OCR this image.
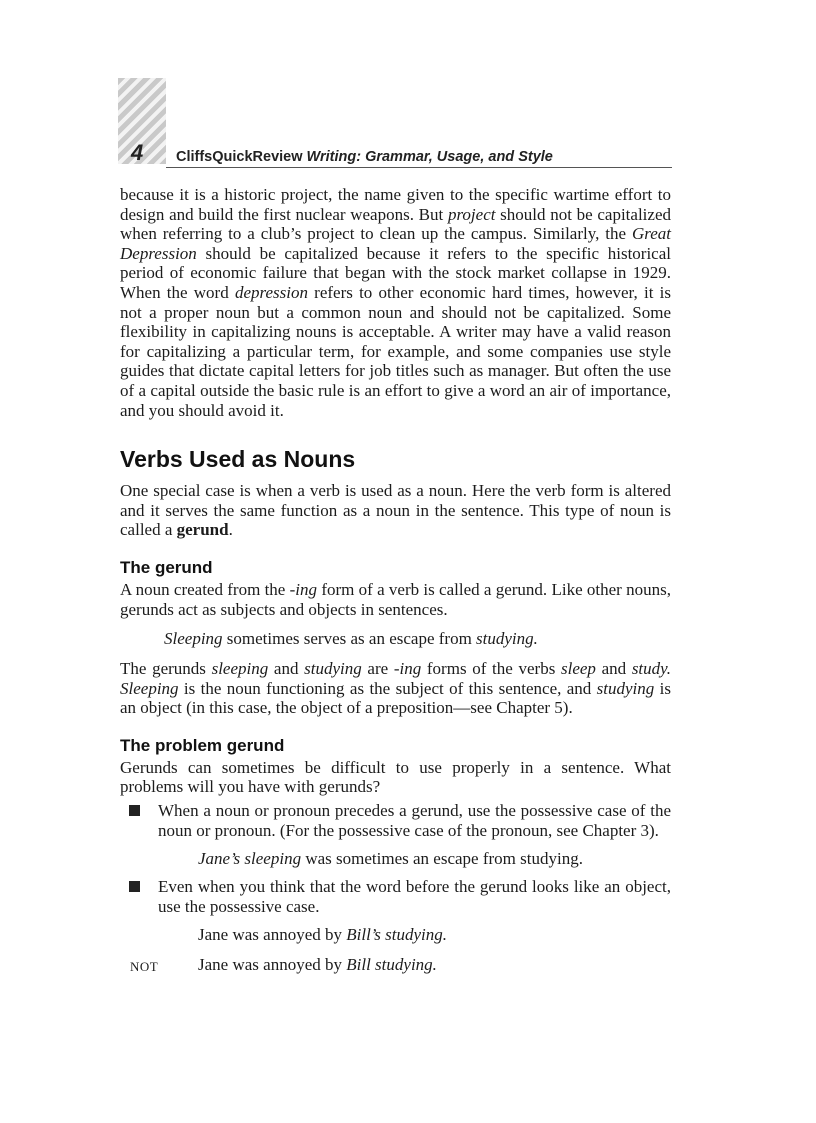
4 CliffsQuickReview Writing: Grammar, Usage, and Style

because it is a historic project, the name given to the specific wartime effort to design and build the first nuclear weapons. But project should not be capitalized when referring to a club’s project to clean up the campus. Similarly, the Great Depression should be capitalized because it refers to the specific historical period of economic failure that began with the stock market collapse in 1929. When the word depression refers to other economic hard times, however, it is not a proper noun but a common noun and should not be capitalized. Some flexibility in capitalizing nouns is acceptable. A writer may have a valid reason for capitalizing a particular term, for example, and some companies use style guides that dictate capital letters for job titles such as manager. But often the use of a capital outside the basic rule is an effort to give a word an air of importance, and you should avoid it.

Verbs Used as Nouns

One special case is when a verb is used as a noun. Here the verb form is altered and it serves the same function as a noun in the sentence. This type of noun is called a gerund.

The gerund

A noun created from the -ing form of a verb is called a gerund. Like other nouns, gerunds act as subjects and objects in sentences.

Sleeping sometimes serves as an escape from studying.

The gerunds sleeping and studying are -ing forms of the verbs sleep and study. Sleeping is the noun functioning as the subject of this sentence, and studying is an object (in this case, the object of a preposition—see Chapter 5).

The problem gerund

Gerunds can sometimes be difficult to use properly in a sentence. What problems will you have with gerunds?

When a noun or pronoun precedes a gerund, use the possessive case of the noun or pronoun. (For the possessive case of the pronoun, see Chapter 3).
Jane’s sleeping was sometimes an escape from studying.
Even when you think that the word before the gerund looks like an object, use the possessive case.
Jane was annoyed by Bill’s studying.
NOT Jane was annoyed by Bill studying.
